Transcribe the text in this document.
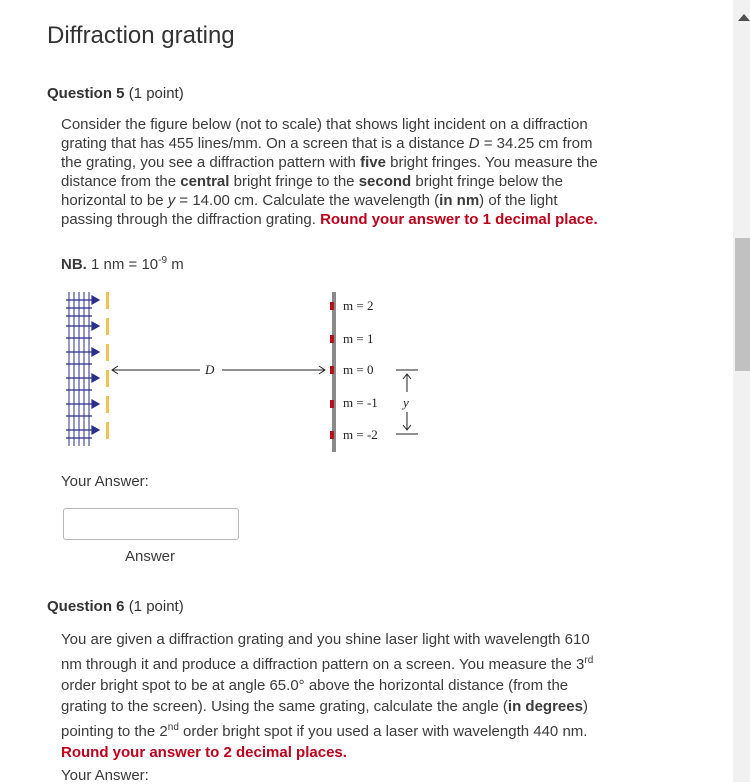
Diffraction grating
Question 5 (1 point)
Consider the figure below (not to scale) that shows light incident on a diffraction grating that has 455 lines/mm. On a screen that is a distance D = 34.25 cm from the grating, you see a diffraction pattern with five bright fringes. You measure the distance from the central bright fringe to the second bright fringe below the horizontal to be y = 14.00 cm. Calculate the wavelength (in nm) of the light passing through the diffraction grating. Round your answer to 1 decimal place.
NB. 1 nm = $10^{-9}$ m
D
m = 2
m = 1
m = 0
m = -1
m = -2
y
Your Answer:
Answer
Question 6 (1 point)
You are given a diffraction grating and you shine laser light with wavelength 610 nm through it and produce a diffraction pattern on a screen. You measure the 3rd order bright spot to be at angle 65.0° above the horizontal distance (from the grating to the screen). Using the same grating, calculate the angle (in degrees) pointing to the 2nd order bright spot if you used a laser with wavelength 440 nm. Round your answer to 2 decimal places.
Your Answer:
